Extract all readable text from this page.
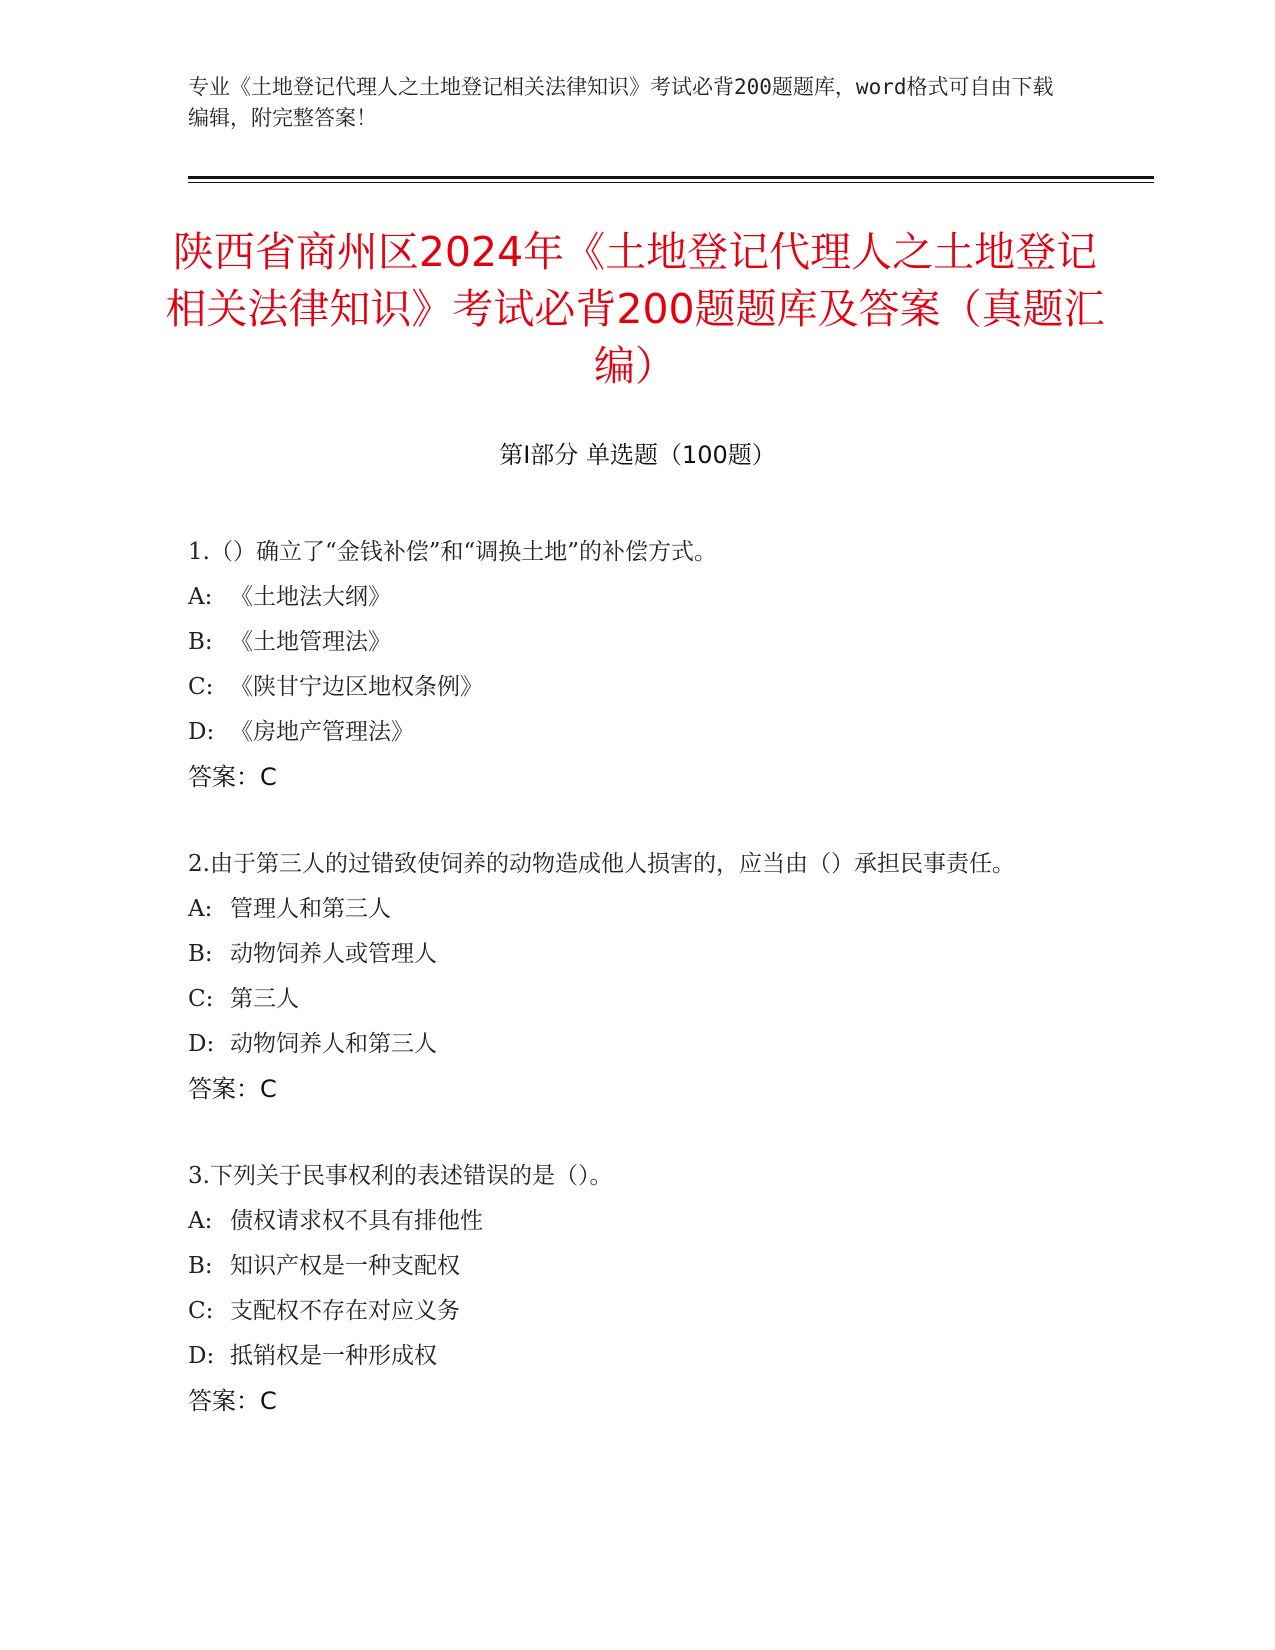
专业《土地登记代理人之土地登记相关法律知识》考试必背200题题库，word格式可自由下载编辑，附完整答案！

陕西省商州区2024年《土地登记代理人之土地登记相关法律知识》考试必背200题题库及答案（真题汇编）
第Ⅰ部分 单选题（100题）

1.（）确立了“金钱补偿”和“调换土地”的补偿方式。

A: 《土地法大纲》

B: 《土地管理法》

C: 《陕甘宁边区地权条例》

D: 《房地产管理法》

答案：C

2.由于第三人的过错致使饲养的动物造成他人损害的，应当由（）承担民事责任。

A: 管理人和第三人

B: 动物饲养人或管理人

C: 第三人

D: 动物饲养人和第三人

答案：C

3.下列关于民事权利的表述错误的是（）。

A: 债权请求权不具有排他性

B: 知识产权是一种支配权

C: 支配权不存在对应义务

D: 抵销权是一种形成权

答案：C
